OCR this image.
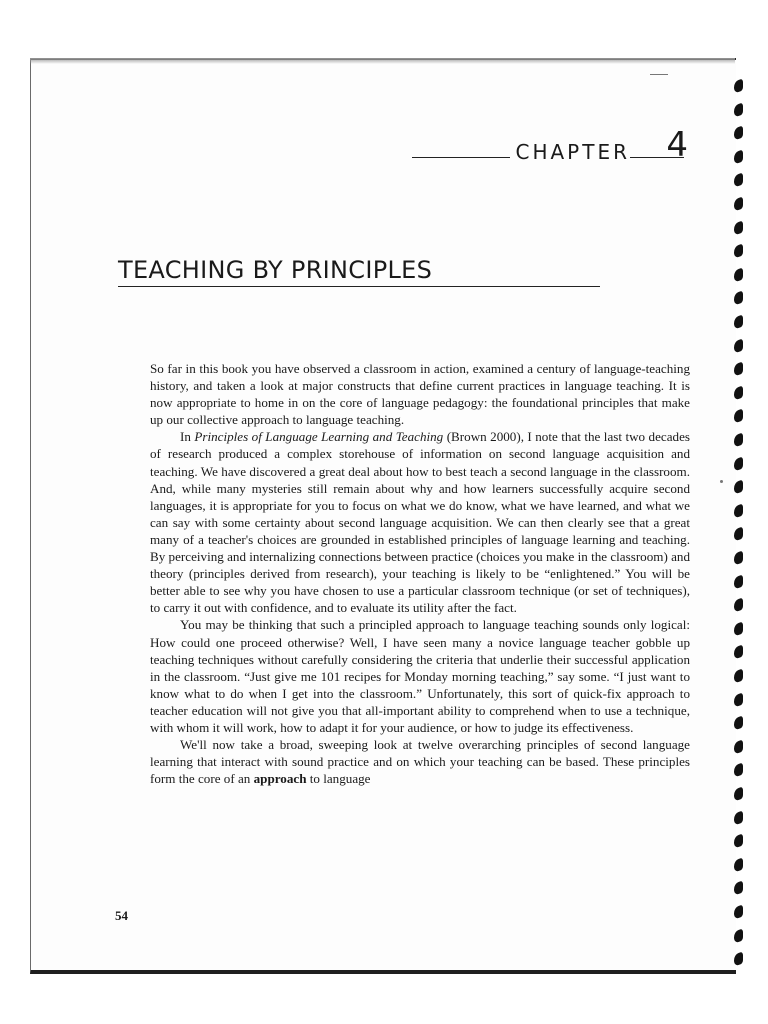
CHAPTER 4
TEACHING BY PRINCIPLES

So far in this book you have observed a classroom in action, examined a century of language-teaching history, and taken a look at major constructs that define current practices in language teaching. It is now appropriate to home in on the core of language pedagogy: the foundational principles that make up our collective approach to language teaching.

In Principles of Language Learning and Teaching (Brown 2000), I note that the last two decades of research produced a complex storehouse of information on second language acquisition and teaching. We have discovered a great deal about how to best teach a second language in the classroom. And, while many mysteries still remain about why and how learners successfully acquire second languages, it is appropriate for you to focus on what we do know, what we have learned, and what we can say with some certainty about second language acquisition. We can then clearly see that a great many of a teacher's choices are grounded in established principles of language learning and teaching. By perceiving and internalizing connections between practice (choices you make in the classroom) and theory (principles derived from research), your teaching is likely to be “enlightened.” You will be better able to see why you have chosen to use a particular classroom technique (or set of techniques), to carry it out with confidence, and to evaluate its utility after the fact.

You may be thinking that such a principled approach to language teaching sounds only logical: How could one proceed otherwise? Well, I have seen many a novice language teacher gobble up teaching techniques without carefully considering the criteria that underlie their successful application in the classroom. “Just give me 101 recipes for Monday morning teaching,” say some. “I just want to know what to do when I get into the classroom.” Unfortunately, this sort of quick-fix approach to teacher education will not give you that all-important ability to comprehend when to use a technique, with whom it will work, how to adapt it for your audience, or how to judge its effectiveness.

We'll now take a broad, sweeping look at twelve overarching principles of second language learning that interact with sound practice and on which your teaching can be based. These principles form the core of an approach to language

54
